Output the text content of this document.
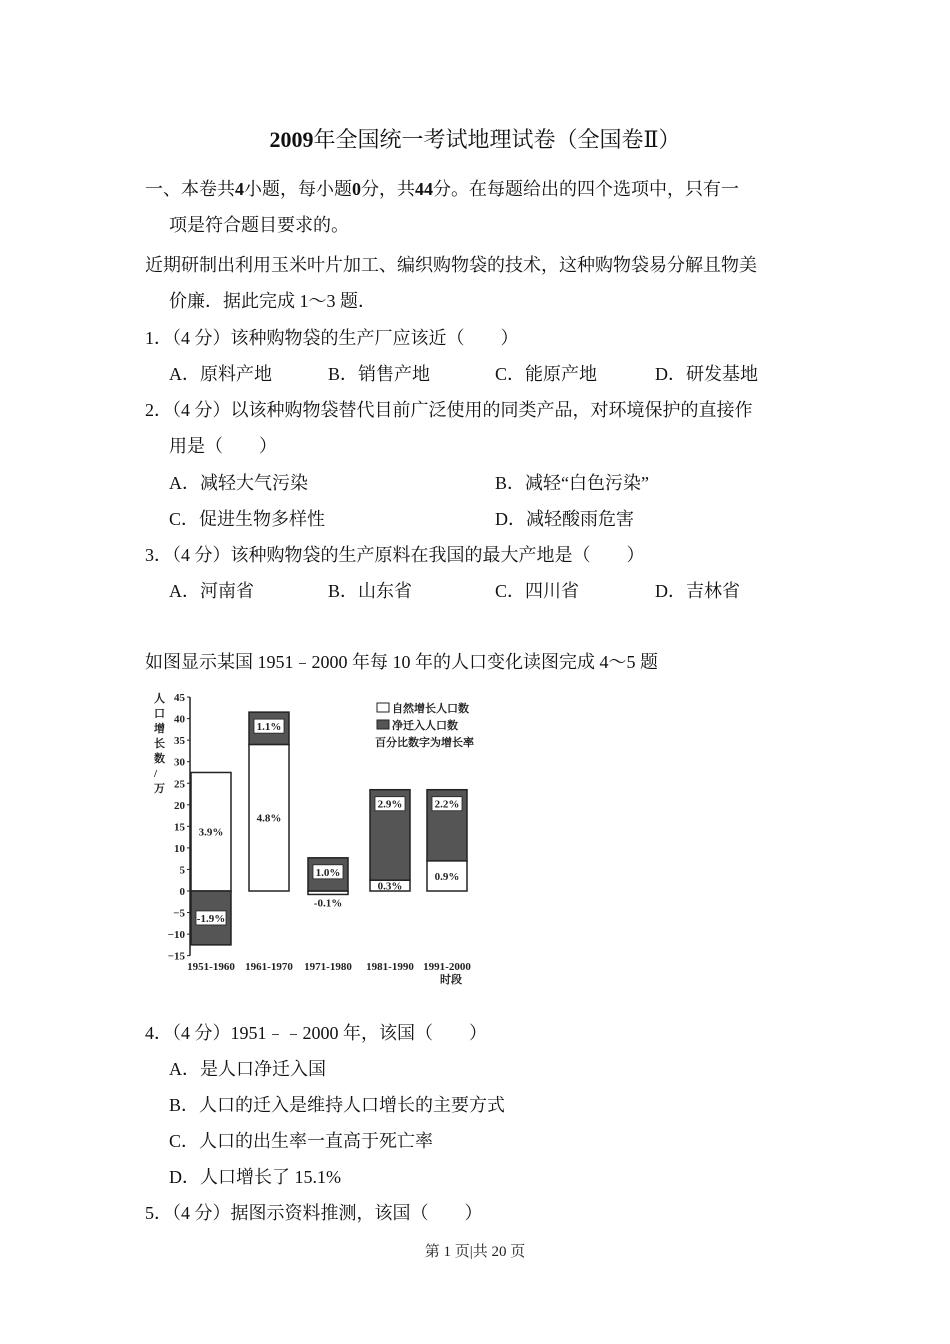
2009年全国统一考试地理试卷（全国卷Ⅱ）
一、本卷共4小题，每小题0分，共44分。在每题给出的四个选项中，只有一
项是符合题目要求的。
近期研制出利用玉米叶片加工、编织购物袋的技术，这种购物袋易分解且物美
价廉．据此完成 1～3 题．
1．（4 分）该种购物袋的生产厂应该近（　　）
A．原料产地	B．销售产地	C．能原产地	D．研发基地
2．（4 分）以该种购物袋替代目前广泛使用的同类产品，对环境保护的直接作
用是（　　）
A．减轻大气污染	B．减轻“白色污染”
C．促进生物多样性	D．减轻酸雨危害
3．（4 分）该种购物袋的生产原料在我国的最大产地是（　　）
A．河南省	B．山东省	C．四川省	D．吉林省
如图显示某国 1951﹣2000 年每 10 年的人口变化读图完成 4～5 题
人
口
增
长
数
/
万
−15
−10
−5
0
5
10
15
20
25
30
35
40
45
-1.9%
3.9%
1.1%
4.8%
1.0%
-0.1%
2.9%
0.3%
2.2%
0.9%
1951-1960 1961-1970 1971-1980 1981-1990 1991-2000
时段
自然增长人口数
净迁入人口数
百分比数字为增长率
4．（4 分）1951﹣﹣2000 年，该国（　　）
A．是人口净迁入国
B．人口的迁入是维持人口增长的主要方式
C．人口的出生率一直高于死亡率
D．人口增长了 15.1%
5．（4 分）据图示资料推测，该国（　　）
第 1 页|共 20 页
